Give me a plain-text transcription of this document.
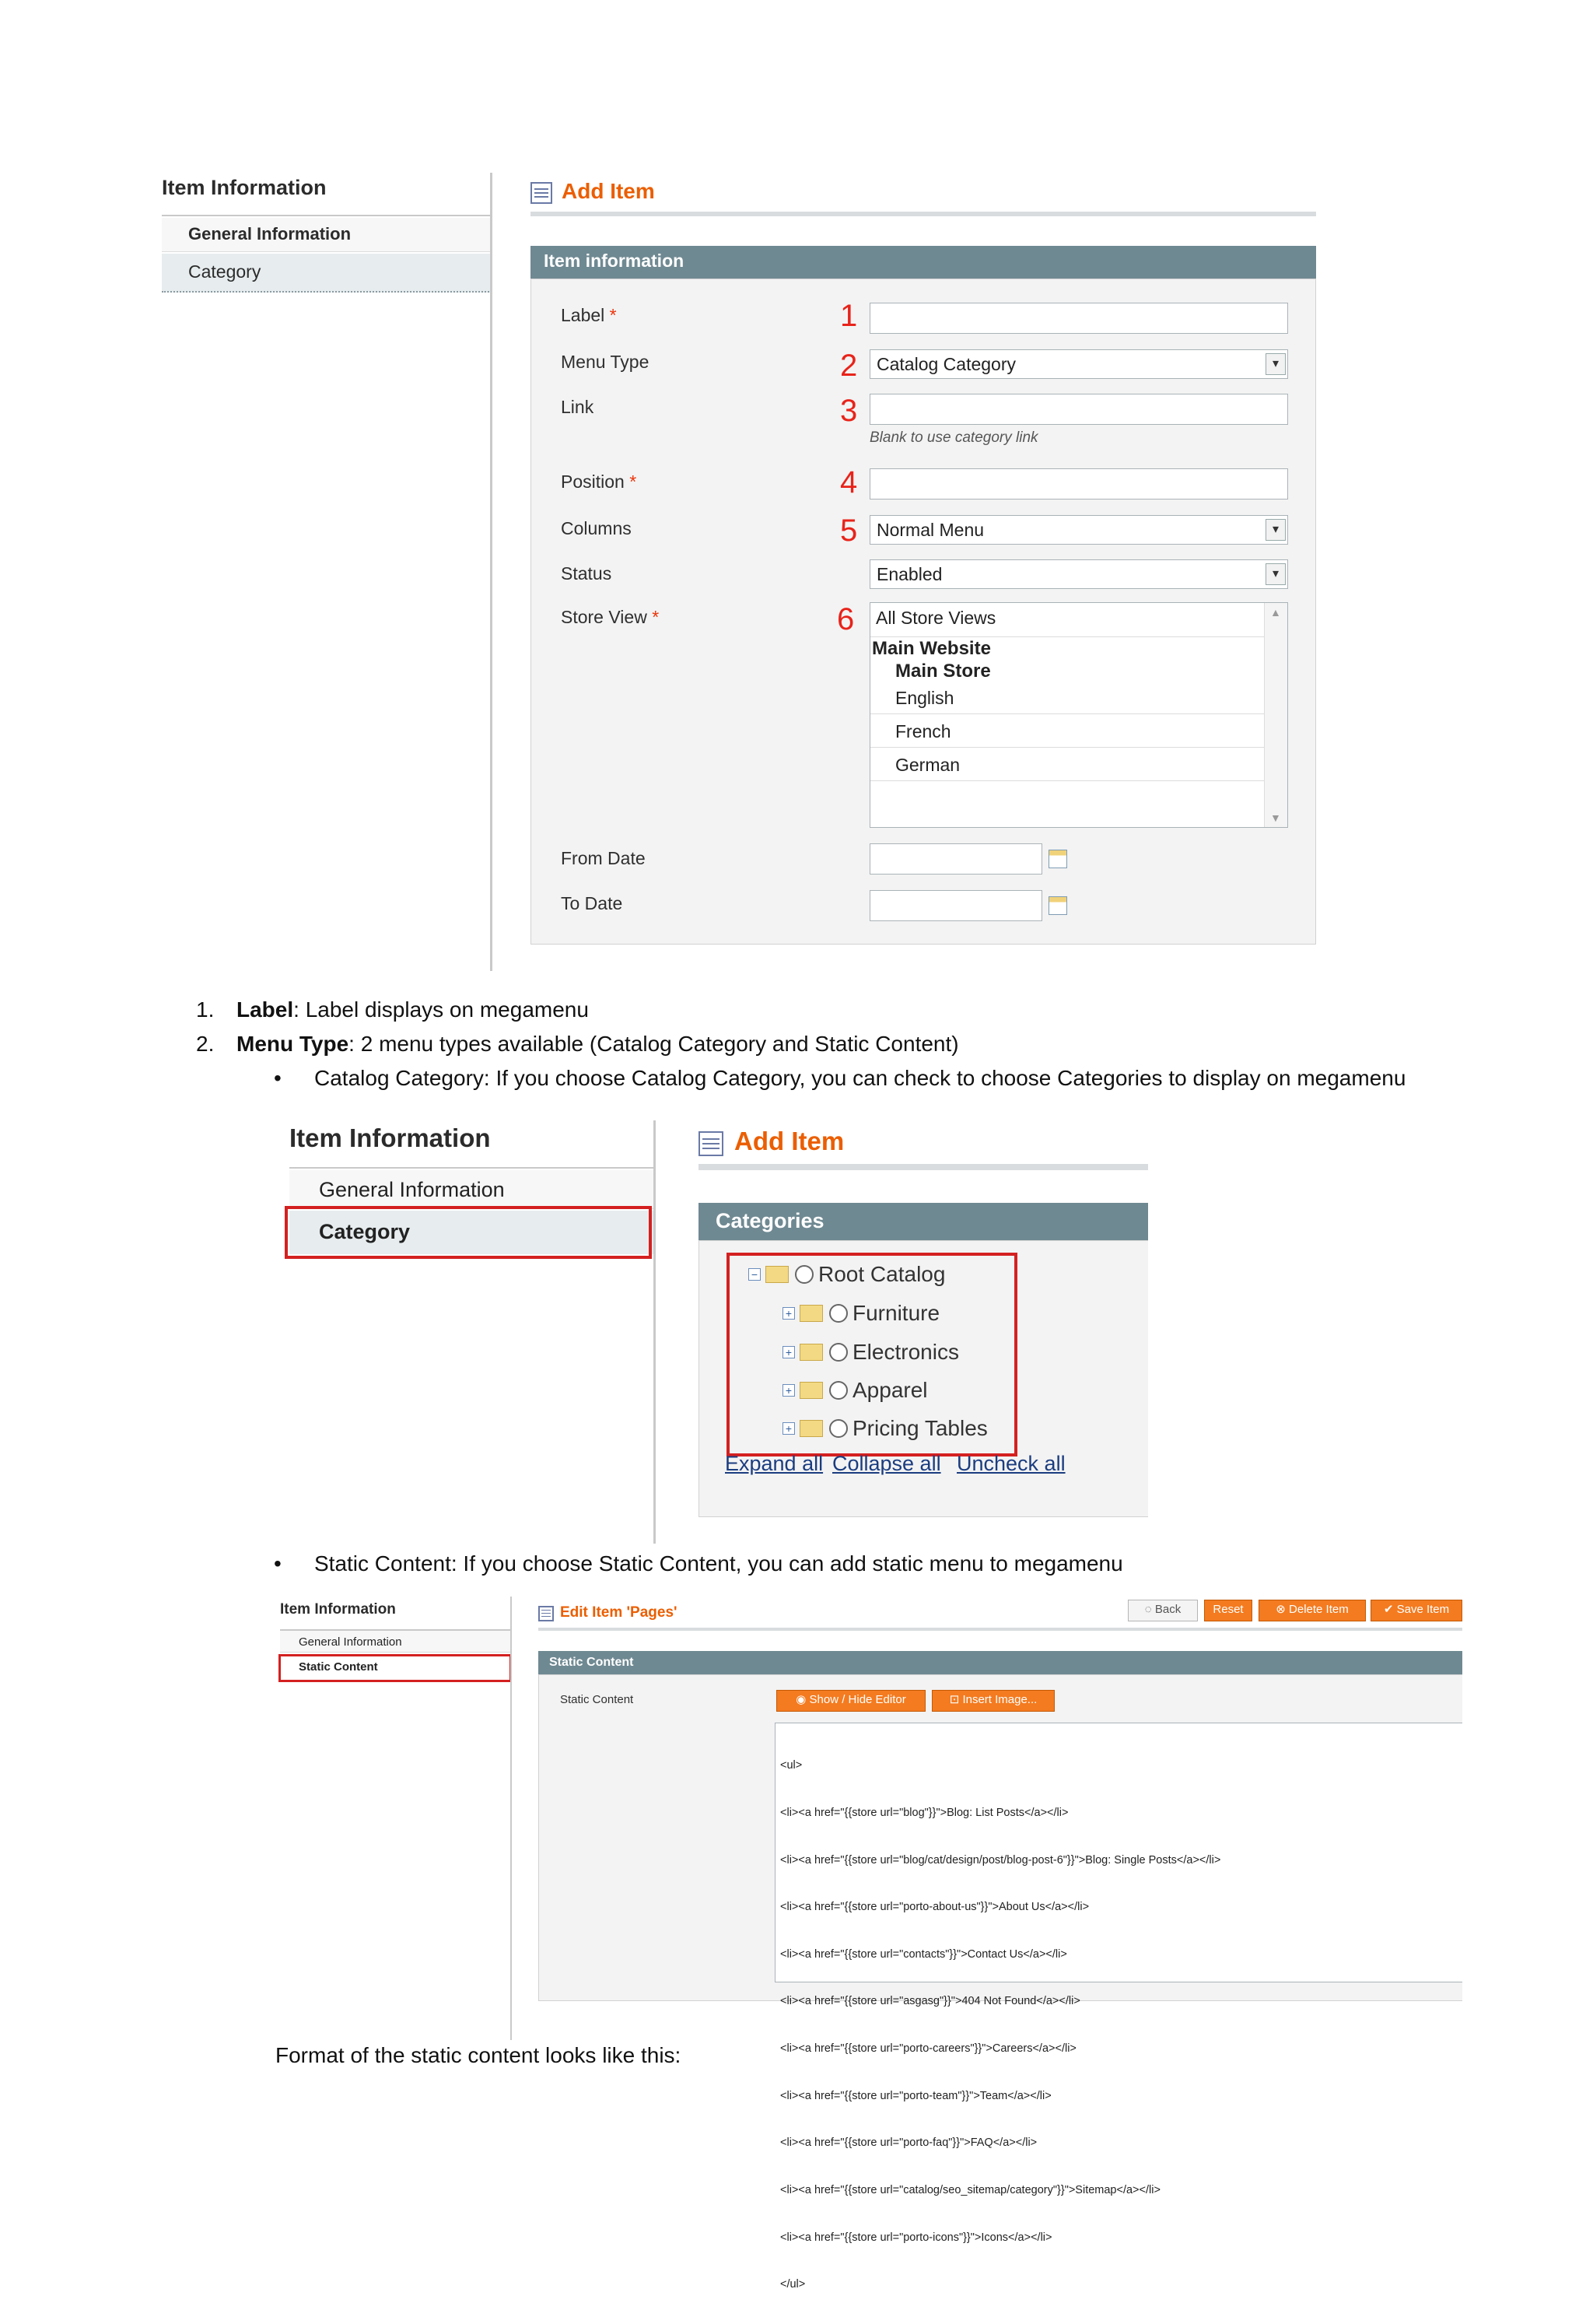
Item Information
General Information
Category
Add Item
Item information
Label *	1
Menu Type	2	Catalog Category	▾
Link	3
Blank to use category link
Position *	4
Columns	5	Normal Menu	▾
Status	Enabled	▾
Store View *	6 All Store Views
Main Website
Main Store
English
French
German
▲
▼
From Date
To Date
1. Label: Label displays on megamenu
2. Menu Type: 2 menu types available (Catalog Category and Static Content)
• Catalog Category: If you choose Catalog Category, you can check to choose Categories to display on megamenu
Item Information
General Information
Category
Add Item
Categories
−	Root Catalog
+	Furniture
+	Electronics
+	Apparel
+	Pricing Tables
Expand all Collapse all Uncheck all
• Static Content: If you choose Static Content, you can add static menu to megamenu
Item Information
General Information
Static Content
Edit Item 'Pages'	◌ Back	Reset	⊗ Delete Item	✔ Save Item
Static Content
Static Content	◉ Show / Hide Editor	⊡ Insert Image...

<ul>

<li><a href="{{store url="blog"}}">Blog: List Posts</a></li>

<li><a href="{{store url="blog/cat/design/post/blog-post-6"}}">Blog: Single Posts</a></li>

<li><a href="{{store url="porto-about-us"}}">About Us</a></li>

<li><a href="{{store url="contacts"}}">Contact Us</a></li>

<li><a href="{{store url="asgasg"}}">404 Not Found</a></li>

<li><a href="{{store url="porto-careers"}}">Careers</a></li>

<li><a href="{{store url="porto-team"}}">Team</a></li>

<li><a href="{{store url="porto-faq"}}">FAQ</a></li>

<li><a href="{{store url="catalog/seo_sitemap/category"}}">Sitemap</a></li>

<li><a href="{{store url="porto-icons"}}">Icons</a></li>

</ul>

Format of the static content looks like this:
